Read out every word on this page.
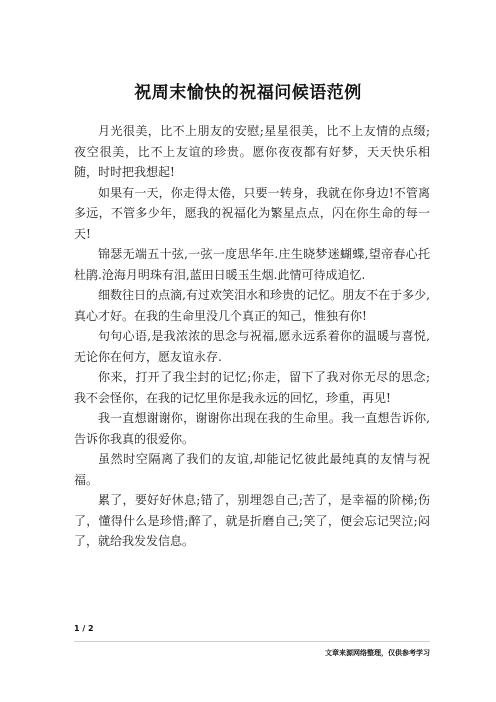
祝周末愉快的祝福问候语范例

月光很美，比不上朋友的安慰;星星很美，比不上友情的点缀;夜空很美，比不上友谊的珍贵。愿你夜夜都有好梦，天天快乐相随，时时把我想起!

如果有一天，你走得太倦，只要一转身，我就在你身边!不管离多远，不管多少年，愿我的祝福化为繁星点点，闪在你生命的每一天!

锦瑟无端五十弦,一弦一度思华年.庄生晓梦迷蝴蝶,望帝春心托杜鹃.沧海月明珠有泪,蓝田日暖玉生烟.此情可待成追忆.

细数往日的点滴,有过欢笑泪水和珍贵的记忆。朋友不在于多少,真心才好。在我的生命里没几个真正的知己，惟独有你!

句句心语,是我浓浓的思念与祝福,愿永远系着你的温暖与喜悦,无论你在何方，愿友谊永存.

你来，打开了我尘封的记忆;你走，留下了我对你无尽的思念;我不会怪你，在我的记忆里你是我永远的回忆，珍重，再见!

我一直想谢谢你，谢谢你出现在我的生命里。我一直想告诉你,告诉你我真的很爱你。

虽然时空隔离了我们的友谊,却能记忆彼此最纯真的友情与祝福。

累了，要好好休息;错了，别埋怨自己;苦了，是幸福的阶梯;伤了，懂得什么是珍惜;醉了，就是折磨自己;笑了，便会忘记哭泣;闷了，就给我发发信息。

1 / 2
文章来源网络整理，仅供参考学习
